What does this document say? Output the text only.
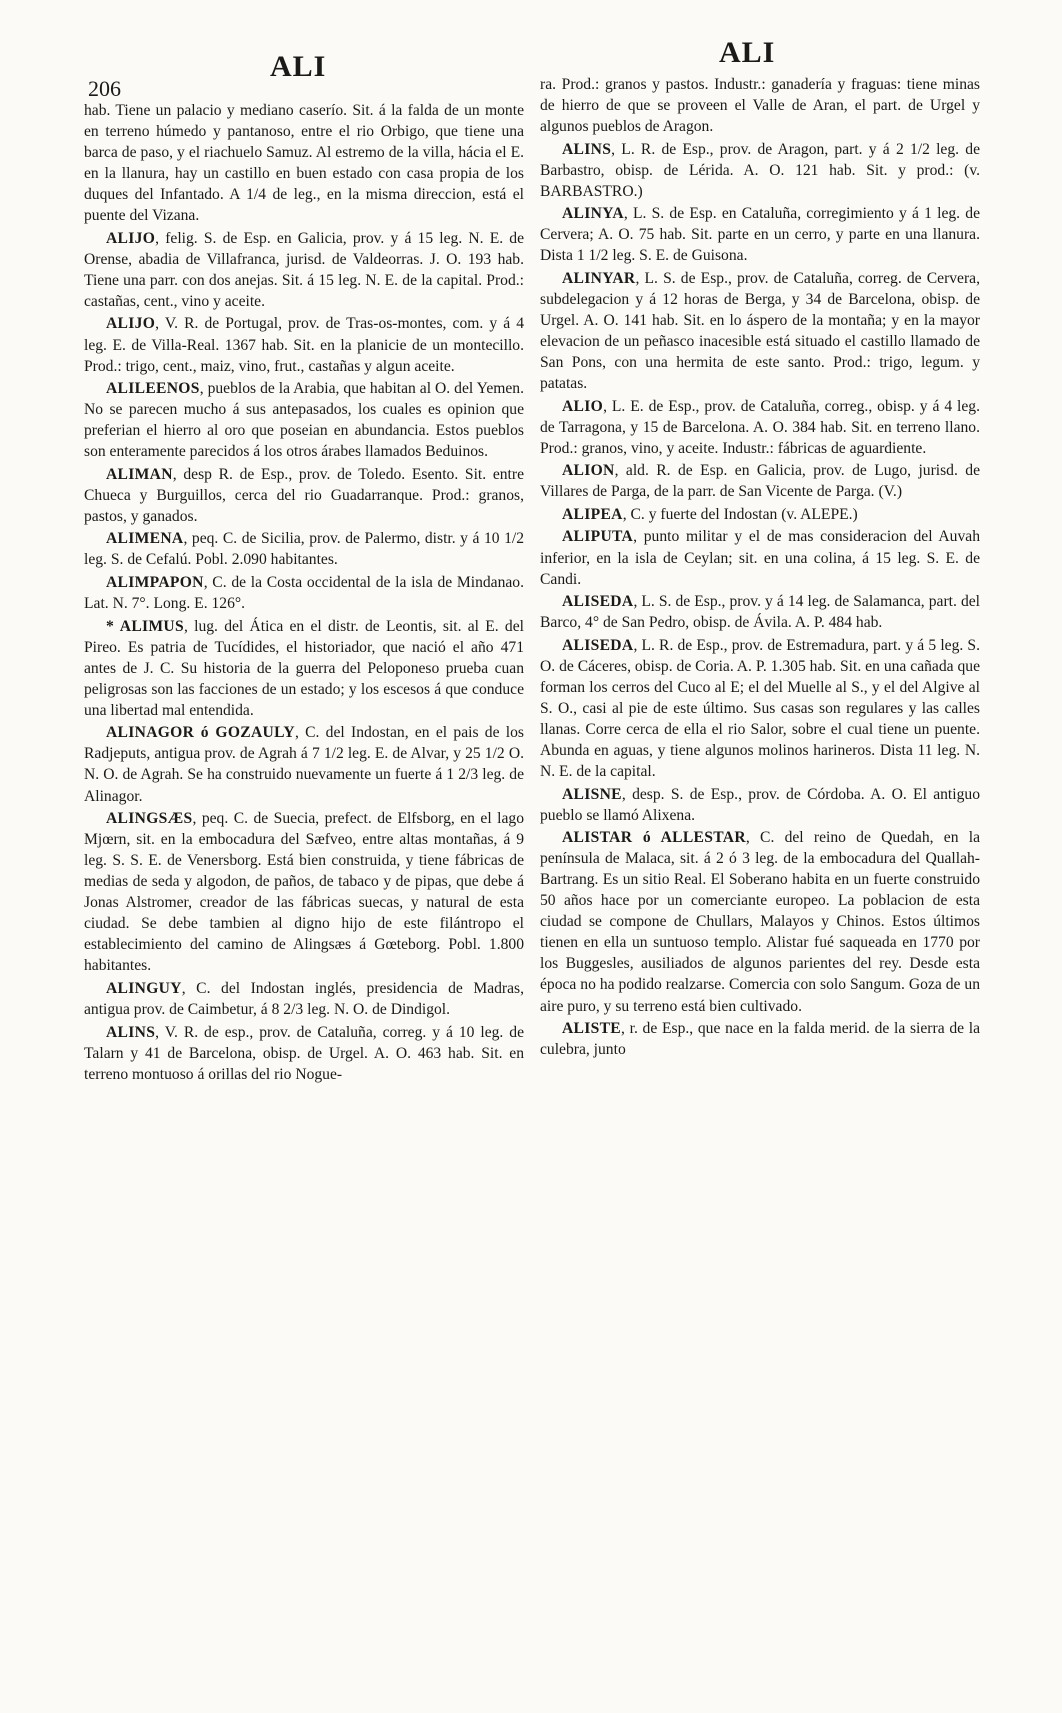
206
ALI	ALI

hab. Tiene un palacio y mediano caserío. Sit. á la falda de un monte en terreno húmedo y pantanoso, entre el rio Orbigo, que tiene una barca de paso, y el riachuelo Samuz. Al estremo de la villa, hácia el E. en la llanura, hay un castillo en buen estado con casa propia de los duques del Infantado. A 1/4 de leg., en la misma direccion, está el puente del Vizana.

ALIJO, felig. S. de Esp. en Galicia, prov. y á 15 leg. N. E. de Orense, abadia de Villafranca, jurisd. de Valdeorras. J. O. 193 hab. Tiene una parr. con dos anejas. Sit. á 15 leg. N. E. de la capital. Prod.: castañas, cent., vino y aceite.

ALIJO, V. R. de Portugal, prov. de Tras-os-montes, com. y á 4 leg. E. de Villa-Real. 1367 hab. Sit. en la planicie de un montecillo. Prod.: trigo, cent., maiz, vino, frut., castañas y algun aceite.

ALILEENOS, pueblos de la Arabia, que habitan al O. del Yemen. No se parecen mucho á sus antepasados, los cuales es opinion que preferian el hierro al oro que poseian en abundancia. Estos pueblos son enteramente parecidos á los otros árabes llamados Beduinos.

ALIMAN, desp R. de Esp., prov. de Toledo. Esento. Sit. entre Chueca y Burguillos, cerca del rio Guadarranque. Prod.: granos, pastos, y ganados.

ALIMENA, peq. C. de Sicilia, prov. de Palermo, distr. y á 10 1/2 leg. S. de Cefalú. Pobl. 2.090 habitantes.

ALIMPAPON, C. de la Costa occidental de la isla de Mindanao. Lat. N. 7°. Long. E. 126°.

* ALIMUS, lug. del Ática en el distr. de Leontis, sit. al E. del Pireo. Es patria de Tucídides, el historiador, que nació el año 471 antes de J. C. Su historia de la guerra del Peloponeso prueba cuan peligrosas son las facciones de un estado; y los escesos á que conduce una libertad mal entendida.

ALINAGOR ó GOZAULY, C. del Indostan, en el pais de los Radjeputs, antigua prov. de Agrah á 7 1/2 leg. E. de Alvar, y 25 1/2 O. N. O. de Agrah. Se ha construido nuevamente un fuerte á 1 2/3 leg. de Alinagor.

ALINGSÆS, peq. C. de Suecia, prefect. de Elfsborg, en el lago Mjœrn, sit. en la embocadura del Sæfveo, entre altas montañas, á 9 leg. S. S. E. de Venersborg. Está bien construida, y tiene fábricas de medias de seda y algodon, de paños, de tabaco y de pipas, que debe á Jonas Alstromer, creador de las fábricas suecas, y natural de esta ciudad. Se debe tambien al digno hijo de este filántropo el establecimiento del camino de Alingsæs á Gœteborg. Pobl. 1.800 habitantes.

ALINGUY, C. del Indostan inglés, presidencia de Madras, antigua prov. de Caimbetur, á 8 2/3 leg. N. O. de Dindigol.

ALINS, V. R. de esp., prov. de Cataluña, correg. y á 10 leg. de Talarn y 41 de Barcelona, obisp. de Urgel. A. O. 463 hab. Sit. en terreno montuoso á orillas del rio Nogue-

ra. Prod.: granos y pastos. Industr.: ganadería y fraguas: tiene minas de hierro de que se proveen el Valle de Aran, el part. de Urgel y algunos pueblos de Aragon.

ALINS, L. R. de Esp., prov. de Aragon, part. y á 2 1/2 leg. de Barbastro, obisp. de Lérida. A. O. 121 hab. Sit. y prod.: (v. BARBASTRO.)

ALINYA, L. S. de Esp. en Cataluña, corregimiento y á 1 leg. de Cervera; A. O. 75 hab. Sit. parte en un cerro, y parte en una llanura. Dista 1 1/2 leg. S. E. de Guisona.

ALINYAR, L. S. de Esp., prov. de Cataluña, correg. de Cervera, subdelegacion y á 12 horas de Berga, y 34 de Barcelona, obisp. de Urgel. A. O. 141 hab. Sit. en lo áspero de la montaña; y en la mayor elevacion de un peñasco inacesible está situado el castillo llamado de San Pons, con una hermita de este santo. Prod.: trigo, legum. y patatas.

ALIO, L. E. de Esp., prov. de Cataluña, correg., obisp. y á 4 leg. de Tarragona, y 15 de Barcelona. A. O. 384 hab. Sit. en terreno llano. Prod.: granos, vino, y aceite. Industr.: fábricas de aguardiente.

ALION, ald. R. de Esp. en Galicia, prov. de Lugo, jurisd. de Villares de Parga, de la parr. de San Vicente de Parga. (V.)

ALIPEA, C. y fuerte del Indostan (v. ALEPE.)

ALIPUTA, punto militar y el de mas consideracion del Auvah inferior, en la isla de Ceylan; sit. en una colina, á 15 leg. S. E. de Candi.

ALISEDA, L. S. de Esp., prov. y á 14 leg. de Salamanca, part. del Barco, 4° de San Pedro, obisp. de Ávila. A. P. 484 hab.

ALISEDA, L. R. de Esp., prov. de Estremadura, part. y á 5 leg. S. O. de Cáceres, obisp. de Coria. A. P. 1.305 hab. Sit. en una cañada que forman los cerros del Cuco al E; el del Muelle al S., y el del Algive al S. O., casi al pie de este último. Sus casas son regulares y las calles llanas. Corre cerca de ella el rio Salor, sobre el cual tiene un puente. Abunda en aguas, y tiene algunos molinos harineros. Dista 11 leg. N. N. E. de la capital.

ALISNE, desp. S. de Esp., prov. de Córdoba. A. O. El antiguo pueblo se llamó Alixena.

ALISTAR ó ALLESTAR, C. del reino de Quedah, en la península de Malaca, sit. á 2 ó 3 leg. de la embocadura del Quallah-Bartrang. Es un sitio Real. El Soberano habita en un fuerte construido 50 años hace por un comerciante europeo. La poblacion de esta ciudad se compone de Chullars, Malayos y Chinos. Estos últimos tienen en ella un suntuoso templo. Alistar fué saqueada en 1770 por los Buggesles, ausiliados de algunos parientes del rey. Desde esta época no ha podido realzarse. Comercia con solo Sangum. Goza de un aire puro, y su terreno está bien cultivado.

ALISTE, r. de Esp., que nace en la falda merid. de la sierra de la culebra, junto
